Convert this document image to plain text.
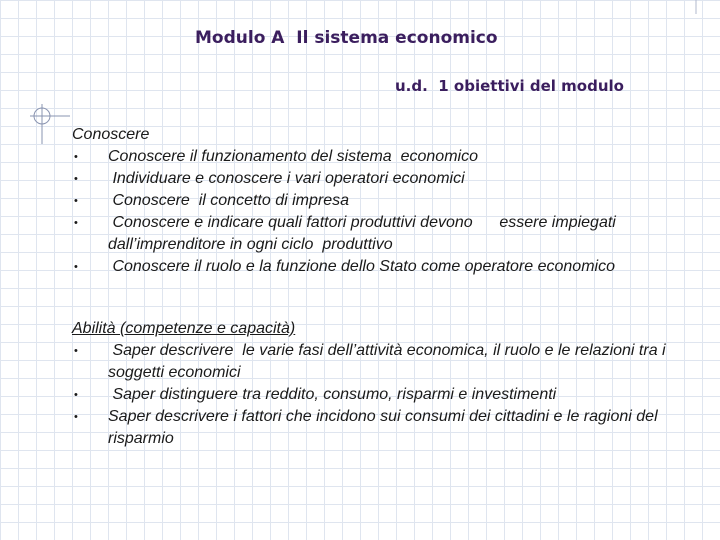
Modulo A  Il sistema economico
u.d.  1 obiettivi del modulo
Conoscere
• Conoscere il funzionamento del sistema  economico
• Individuare e conoscere i vari operatori economici
• Conoscere  il concetto di impresa
• Conoscere e indicare quali fattori produttivi devono      essere impiegati dall’imprenditore in ogni ciclo  produttivo
• Conoscere il ruolo e la funzione dello Stato come operatore economico
Abilità (competenze e capacità)
• Saper descrivere  le varie fasi dell’attività economica, il ruolo e le relazioni tra i soggetti economici
• Saper distinguere tra reddito, consumo, risparmi e investimenti
• Saper descrivere i fattori che incidono sui consumi dei cittadini e le ragioni del risparmio
